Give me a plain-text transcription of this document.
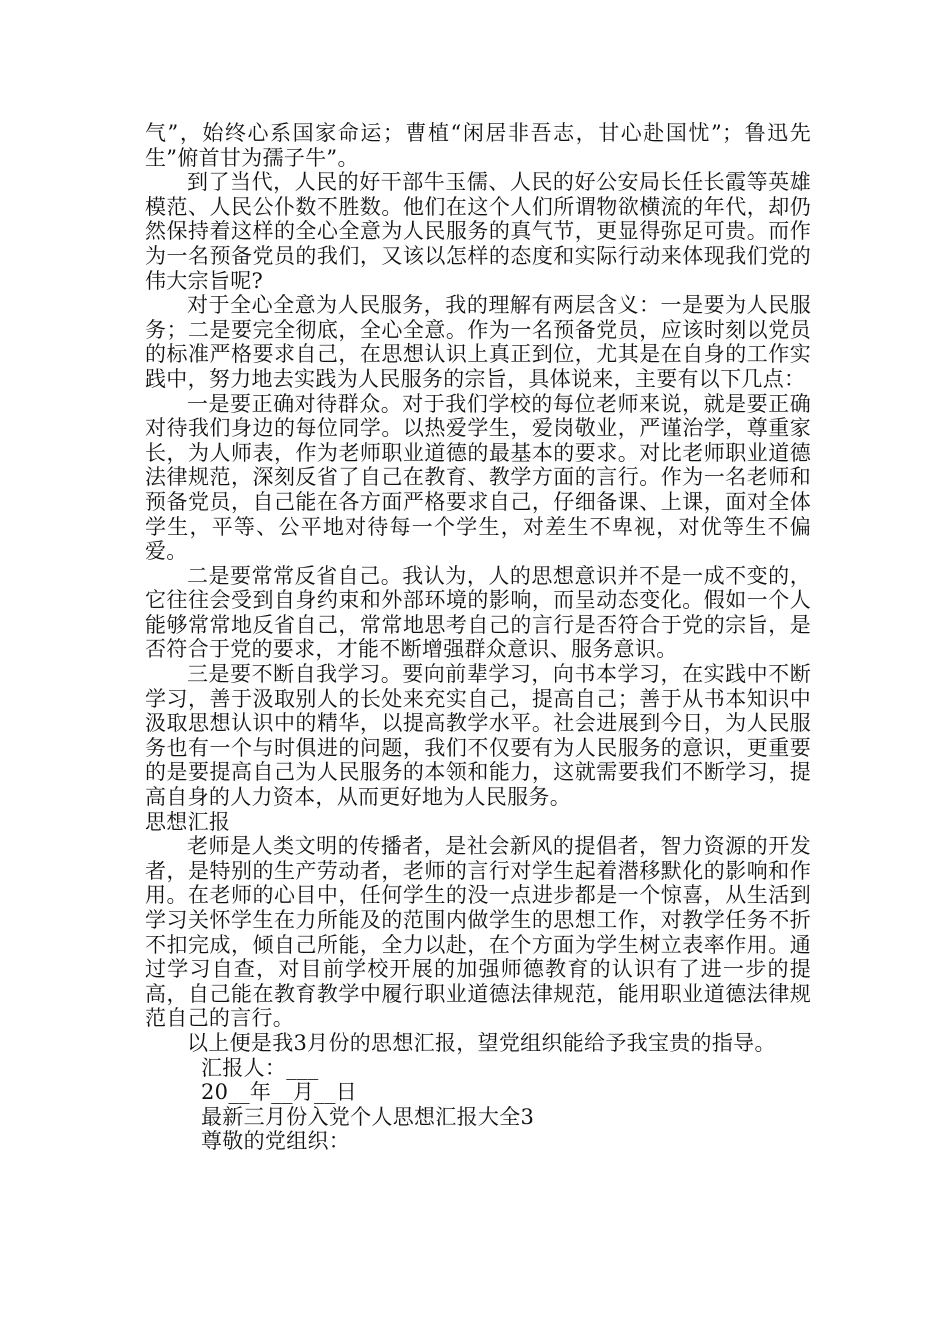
气”，始终心系国家命运；曹植“闲居非吾志，甘心赴国忧”；鲁迅先生”俯首甘为孺子牛”。

到了当代，人民的好干部牛玉儒、人民的好公安局长任长霞等英雄模范、人民公仆数不胜数。他们在这个人们所谓物欲横流的年代，却仍然保持着这样的全心全意为人民服务的真气节，更显得弥足可贵。而作为一名预备党员的我们，又该以怎样的态度和实际行动来体现我们党的伟大宗旨呢?

对于全心全意为人民服务，我的理解有两层含义：一是要为人民服务；二是要完全彻底，全心全意。作为一名预备党员，应该时刻以党员的标准严格要求自己，在思想认识上真正到位，尤其是在自身的工作实践中，努力地去实践为人民服务的宗旨，具体说来，主要有以下几点：

一是要正确对待群众。对于我们学校的每位老师来说，就是要正确对待我们身边的每位同学。以热爱学生，爱岗敬业，严谨治学，尊重家长，为人师表，作为老师职业道德的最基本的要求。对比老师职业道德法律规范，深刻反省了自己在教育、教学方面的言行。作为一名老师和预备党员，自己能在各方面严格要求自己，仔细备课、上课，面对全体学生，平等、公平地对待每一个学生，对差生不卑视，对优等生不偏爱。

二是要常常反省自己。我认为，人的思想意识并不是一成不变的，它往往会受到自身约束和外部环境的影响，而呈动态变化。假如一个人能够常常地反省自己，常常地思考自己的言行是否符合于党的宗旨，是否符合于党的要求，才能不断增强群众意识、服务意识。

三是要不断自我学习。要向前辈学习，向书本学习，在实践中不断学习，善于汲取别人的长处来充实自己，提高自己；善于从书本知识中汲取思想认识中的精华，以提高教学水平。社会进展到今日，为人民服务也有一个与时俱进的问题，我们不仅要有为人民服务的意识，更重要的是要提高自己为人民服务的本领和能力，这就需要我们不断学习，提高自身的人力资本，从而更好地为人民服务。

思想汇报

老师是人类文明的传播者，是社会新风的提倡者，智力资源的开发者，是特别的生产劳动者，老师的言行对学生起着潜移默化的影响和作用。在老师的心目中，任何学生的没一点进步都是一个惊喜，从生活到学习关怀学生在力所能及的范围内做学生的思想工作，对教学任务不折不扣完成，倾自己所能，全力以赴，在个方面为学生树立表率作用。通过学习自查，对目前学校开展的加强师德教育的认识有了进一步的提高，自己能在教育教学中履行职业道德法律规范，能用职业道德法律规范自己的言行。

以上便是我3月份的思想汇报，望党组织能给予我宝贵的指导。

汇报人：___

20__年__月__日

最新三月份入党个人思想汇报大全3

尊敬的党组织：
